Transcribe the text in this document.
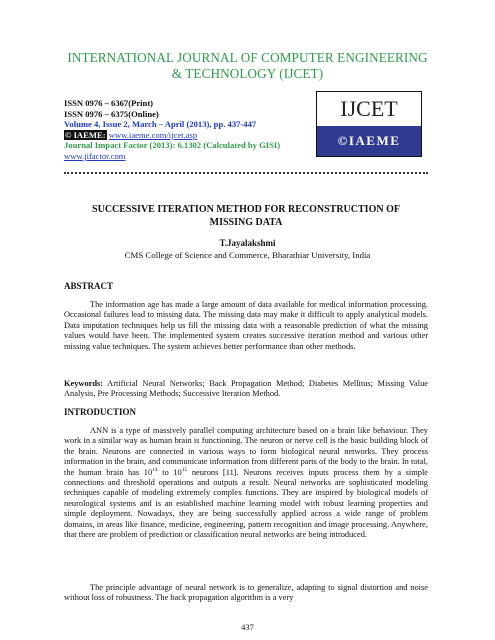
INTERNATIONAL JOURNAL OF COMPUTER ENGINEERING
& TECHNOLOGY (IJCET)
ISSN 0976 – 6367(Print)
ISSN 0976 – 6375(Online)
Volume 4, Issue 2, March – April (2013), pp. 437-447
© IAEME: www.iaeme.com/ijcet.asp
Journal Impact Factor (2013): 6.1302 (Calculated by GISI)
www.jifactor.com
IJCET
©IAEME
SUCCESSIVE ITERATION METHOD FOR RECONSTRUCTION OF
MISSING DATA
T.Jayalakshmi
CMS College of Science and Commerce, Bharathiar University, India
ABSTRACT

The information age has made a large amount of data available for medical information processing. Occasional failures lead to missing data. The missing data may make it difficult to apply analytical models. Data imputation techniques help us fill the missing data with a reasonable prediction of what the missing values would have been. The implemented system creates successive iteration method and various other missing value techniques. The system achieves better performance than other methods.

Keywords: Artificial Neural Networks; Back Propagation Method; Diabetes Mellitus; Missing Value Analysis, Pre Processing Methods; Successive Iteration Method.

INTRODUCTION

ANN is a type of massively parallel computing architecture based on a brain like behaviour. They work in a similar way as human brain is functioning. The neuron or nerve cell is the basic building block of the brain. Neurons are connected in various ways to form biological neural networks. They process information in the brain, and communicate information from different parts of the body to the brain. In total, the human brain has $10^{14}$ to $10^{15}$ neurons [11]. Neurons receives inputs process them by a simple connections and threshold operations and outputs a result. Neural networks are sophisticated modeling techniques capable of modeling extremely complex functions. They are inspired by biological models of neurological systems and is an established machine learning model with robust learning properties and simple deployment. Nowadays, they are being successfully applied across a wide range of problem domains, in areas like finance, medicine, engineering, pattern recognition and image processing. Anywhere, that there are problem of prediction or classification neural networks are being introduced.

The principle advantage of neural network is to generalize, adapting to signal distortion and noise without loss of robustness. The back propagation algorithm is a very

437
